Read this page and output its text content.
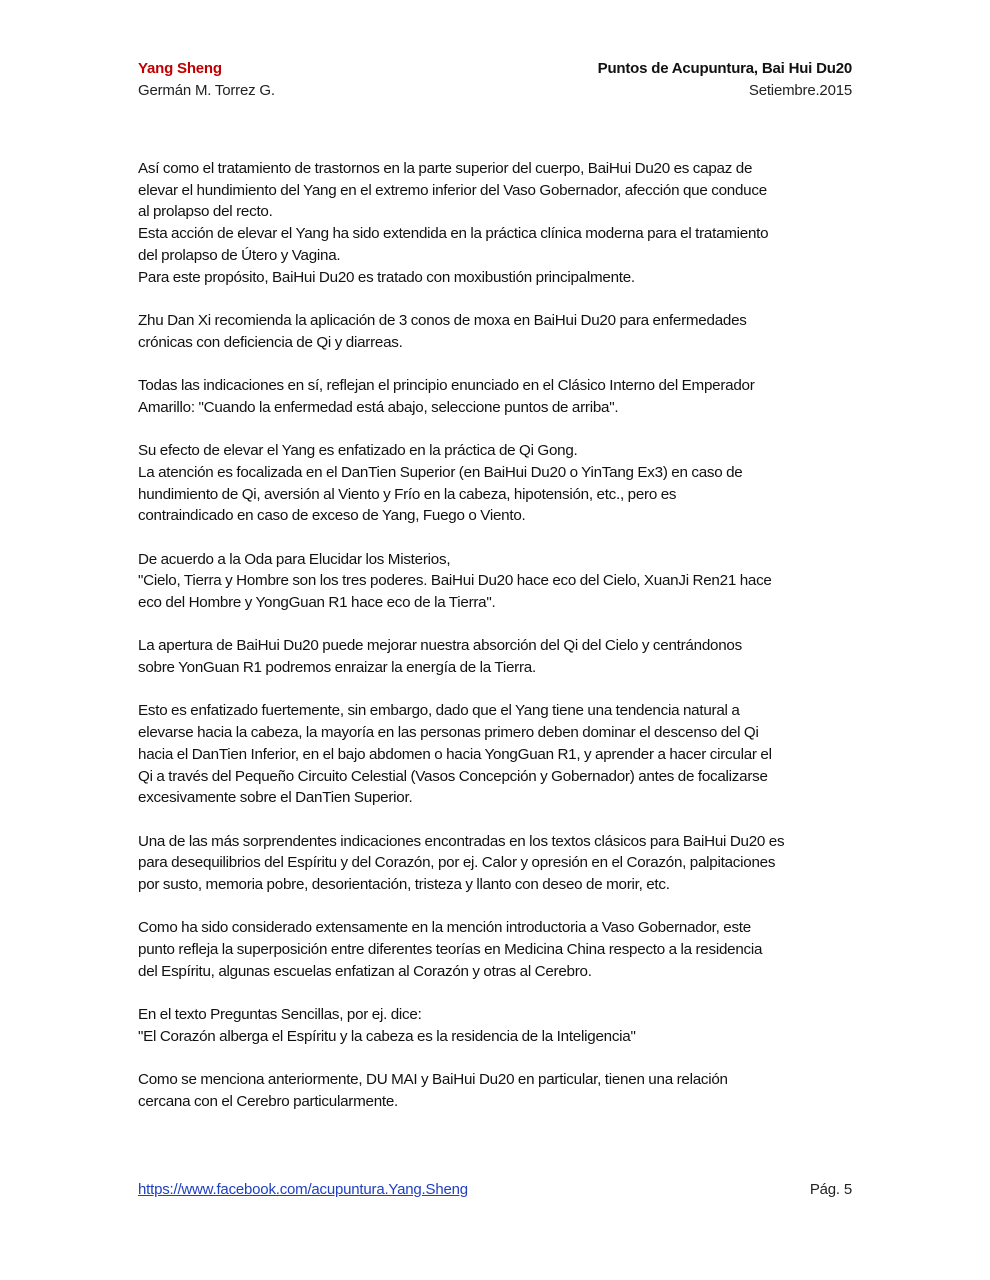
Yang Sheng	Puntos de Acupuntura, Bai Hui Du20
Germán M. Torrez G.	Setiembre.2015

Así como el tratamiento de trastornos en la parte superior del cuerpo, BaiHui Du20 es capaz de
elevar el hundimiento del Yang en el extremo inferior del Vaso Gobernador, afección que conduce
al prolapso del recto.
Esta acción de elevar el Yang ha sido extendida en la práctica clínica moderna para el tratamiento
del prolapso de Útero y Vagina.
Para este propósito, BaiHui Du20 es tratado con moxibustión principalmente.

Zhu Dan Xi recomienda la aplicación de 3 conos de moxa en BaiHui Du20 para enfermedades
crónicas con deficiencia de Qi y diarreas.

Todas las indicaciones en sí, reflejan el principio enunciado en el Clásico Interno del Emperador
Amarillo: "Cuando la enfermedad está abajo, seleccione puntos de arriba".

Su efecto de elevar el Yang es enfatizado en la práctica de Qi Gong.
La atención es focalizada en el DanTien Superior (en BaiHui Du20 o YinTang Ex3) en caso de
hundimiento de Qi, aversión al Viento y Frío en la cabeza, hipotensión, etc., pero es
contraindicado en caso de exceso de Yang, Fuego o Viento.

De acuerdo a la Oda para Elucidar los Misterios,
"Cielo, Tierra y Hombre son los tres poderes. BaiHui Du20 hace eco del Cielo, XuanJi Ren21 hace
eco del Hombre y YongGuan R1 hace eco de la Tierra".

La apertura de BaiHui Du20 puede mejorar nuestra absorción del Qi del Cielo y centrándonos
sobre YonGuan R1 podremos enraizar la energía de la Tierra.

Esto es enfatizado fuertemente, sin embargo, dado que el Yang tiene una tendencia natural a
elevarse hacia la cabeza, la mayoría en las personas primero deben dominar el descenso del Qi
hacia el DanTien Inferior, en el bajo abdomen o hacia YongGuan R1, y aprender a hacer circular el
Qi a través del Pequeño Circuito Celestial (Vasos Concepción y Gobernador) antes de focalizarse
excesivamente sobre el DanTien Superior.

Una de las más sorprendentes indicaciones encontradas en los textos clásicos para BaiHui Du20 es
para desequilibrios del Espíritu y del Corazón, por ej. Calor y opresión en el Corazón, palpitaciones
por susto, memoria pobre, desorientación, tristeza y llanto con deseo de morir, etc.

Como ha sido considerado extensamente en la mención introductoria a Vaso Gobernador, este
punto refleja la superposición entre diferentes teorías en Medicina China respecto a la residencia
del Espíritu, algunas escuelas enfatizan al Corazón y otras al Cerebro.

En el texto Preguntas Sencillas, por ej. dice:
"El Corazón alberga el Espíritu y la cabeza es la residencia de la Inteligencia"

Como se menciona anteriormente, DU MAI y BaiHui Du20 en particular, tienen una relación
cercana con el Cerebro particularmente.

https://www.facebook.com/acupuntura.Yang.Sheng	Pág. 5
